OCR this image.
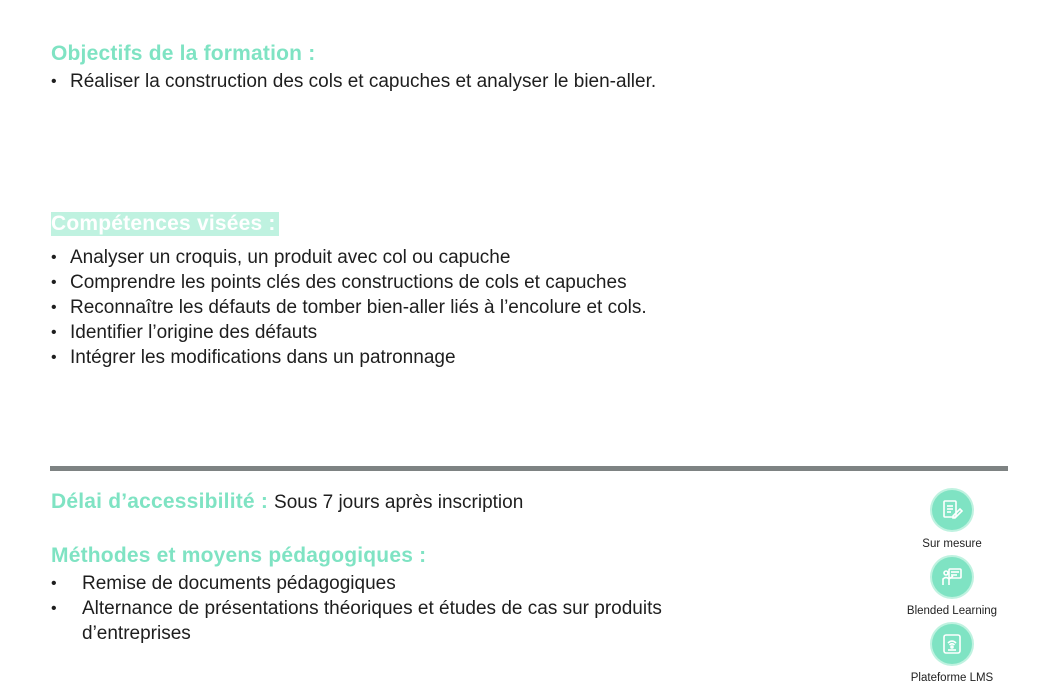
Objectifs de la formation :
• Réaliser la construction des cols et capuches et analyser le bien-aller.
Compétences visées :
• Analyser un croquis, un produit avec col ou capuche
• Comprendre les points clés des constructions de cols et capuches
• Reconnaître les défauts de tomber bien-aller liés à l’encolure et cols.
• Identifier l’origine des défauts
• Intégrer les modifications dans un patronnage
Délai d’accessibilité : Sous 7 jours après inscription
Méthodes et moyens pédagogiques :
• Remise de documents pédagogiques
• Alternance de présentations théoriques et études de cas sur produits
d’entreprises
Sur mesure
Blended Learning
Plateforme LMS
